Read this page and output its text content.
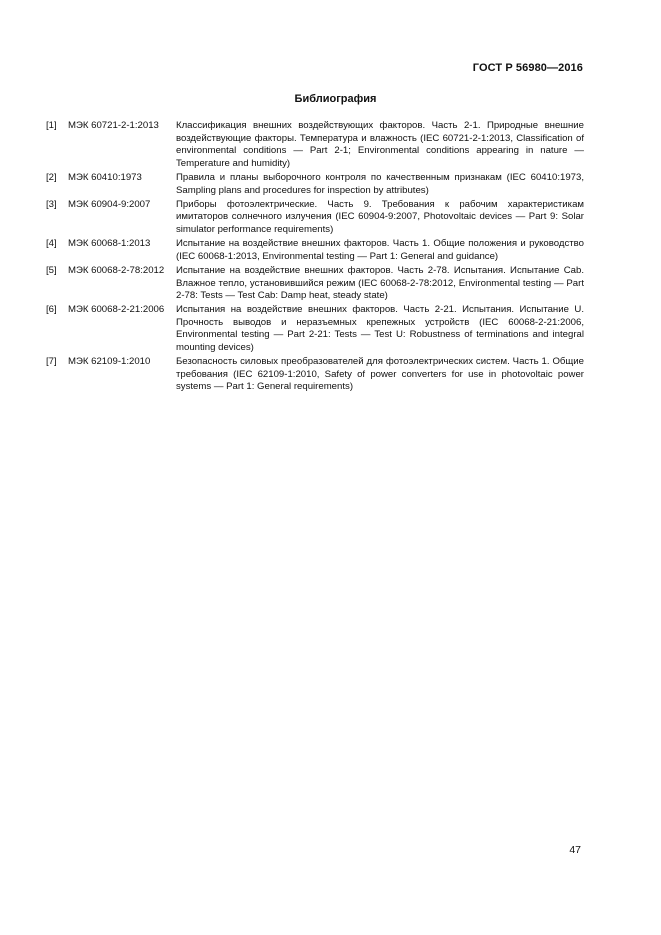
ГОСТ Р 56980—2016
Библиография
[1]	МЭК 60721-2-1:2013	Классификация внешних воздействующих факторов. Часть 2-1. Природные внешние воздействующие факторы. Температура и влажность (IEC 60721-2-1:2013, Classification of environmental conditions — Part 2-1; Environmental conditions appearing in nature — Temperature and humidity)
[2]	МЭК 60410:1973	Правила и планы выборочного контроля по качественным признакам (IEC 60410:1973, Sampling plans and procedures for inspection by attributes)
[3]	МЭК 60904-9:2007	Приборы фотоэлектрические. Часть 9. Требования к рабочим характеристикам имитаторов солнечного излучения (IEC 60904-9:2007, Photovoltaic devices — Part 9: Solar simulator performance requirements)
[4]	МЭК 60068-1:2013	Испытание на воздействие внешних факторов. Часть 1. Общие положения и руководство (IEC 60068-1:2013, Environmental testing — Part 1: General and guidance)
[5]	МЭК 60068-2-78:2012	Испытание на воздействие внешних факторов. Часть 2-78. Испытания. Испытание Cab. Влажное тепло, установившийся режим (IEC 60068-2-78:2012, Environmental testing — Part 2-78: Tests — Test Cab: Damp heat, steady state)
[6]	МЭК 60068-2-21:2006	Испытания на воздействие внешних факторов. Часть 2-21. Испытания. Испытание U. Прочность выводов и неразъемных крепежных устройств (IEC 60068-2-21:2006, Environmental testing — Part 2-21: Tests — Test U: Robustness of terminations and integral mounting devices)
[7]	МЭК 62109-1:2010	Безопасность силовых преобразователей для фотоэлектрических систем. Часть 1. Общие требования (IEC 62109-1:2010, Safety of power converters for use in photovoltaic power systems — Part 1: General requirements)
47
